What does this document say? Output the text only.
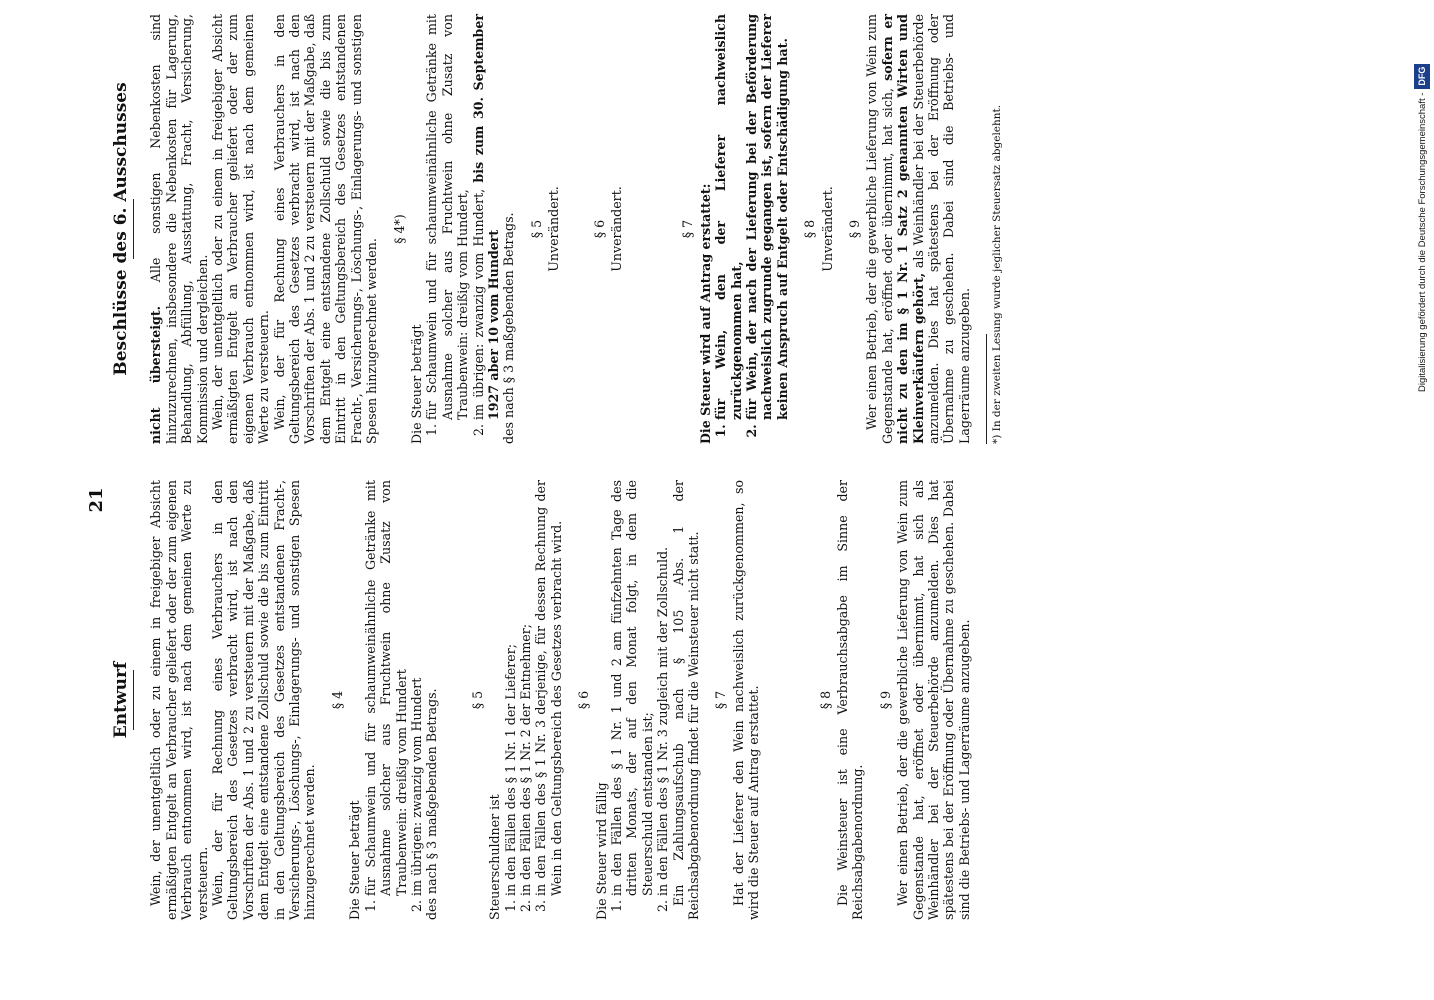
21
Entwurf Wein, der unentgeltlich oder zu einem in freigebiger Absicht ermäßigten Entgelt an Verbraucher geliefert oder der zum eigenen Verbrauch entnommen wird, ist nach dem gemeinen Werte zu versteuern. Wein, der für Rechnung eines Verbrauchers in den Geltungsbereich des Gesetzes verbracht wird, ist nach den Vorschriften der Abs. 1 und 2 zu versteuern mit der Maßgabe, daß dem Entgelt eine entstandene Zollschuld sowie die bis zum Eintritt in den Geltungsbereich des Gesetzes entstandenen Fracht-, Versicherungs-, Löschungs-, Einlagerungs- und sonstigen Spesen hinzugerechnet werden.

§ 4

Die Steuer beträgt 1. für Schaumwein und für schaumweinähnliche Getränke mit Ausnahme solcher aus Fruchtwein ohne Zusatz von Traubenwein: dreißig vom Hundert 2. im übrigen: zwanzig vom Hundert des nach § 3 maßgebenden Betrags. § 5

Steuerschuldner ist 1. in den Fällen des § 1 Nr. 1 der Lieferer; 2. in den Fällen des § 1 Nr. 2 der Entnehmer; 3. in den Fällen des § 1 Nr. 3 derjenige, für dessen Rechnung der Wein in den Geltungsbereich des Gesetzes verbracht wird. § 6

Die Steuer wird fällig 1. in den Fällen des § 1 Nr. 1 und 2 am fünfzehnten Tage des dritten Monats, der auf den Monat folgt, in dem die Steuerschuld entstanden ist; 2. in den Fällen des § 1 Nr. 3 zugleich mit der Zollschuld. Ein Zahlungsaufschub nach § 105 Abs. 1 der Reichsabgabenordnung findet für die Weinsteuer nicht statt. § 7 Hat der Lieferer den Wein nachweislich zurückgenommen, so wird die Steuer auf Antrag erstattet.	§ 8 Die Weinsteuer ist eine Verbrauchsabgabe im Sinne der Reichsabgabenordnung.

§ 9 Wer einen Betrieb, der die gewerbliche Lieferung von Wein zum Gegenstande hat, eröffnet oder übernimmt, hat sich als Weinhändler bei der Steuerbehörde anzumelden. Dies hat spätestens bei der Eröffnung oder Übernahme zu geschehen. Dabei sind die Betriebs- und Lagerräume anzugeben.

Beschlüsse des 6. Ausschusses nicht übersteigt. Alle sonstigen Nebenkosten sind hinzuzurechnen, insbesondere die Nebenkosten für Lagerung, Behandlung, Abfüllung, Ausstattung, Fracht, Versicherung, Kommission und dergleichen. Wein, der unentgeltlich oder zu einem in freigebiger Absicht ermäßigten Entgelt an Verbraucher geliefert oder der zum eigenen Verbrauch entnommen wird, ist nach dem gemeinen Werte zu versteuern. Wein, der für Rechnung eines Verbrauchers in den Geltungsbereich des Gesetzes verbracht wird, ist nach den Vorschriften der Abs. 1 und 2 zu versteuern mit der Maßgabe, daß dem Entgelt eine entstandene Zollschuld sowie die bis zum Eintritt in den Geltungsbereich des Gesetzes entstandenen Fracht-, Versicherungs-, Löschungs-, Einlagerungs- und sonstigen Spesen hinzugerechnet werden.

§ 4*)

Die Steuer beträgt 1. für Schaumwein und für schaumweinähnliche Getränke mit Ausnahme solcher aus Fruchtwein ohne Zusatz von Traubenwein: dreißig vom Hundert, 2. im übrigen: zwanzig vom Hundert, bis zum 30. September 1927 aber 10 vom Hundert des nach § 3 maßgebenden Betrags. § 5 Unverändert. § 6 Unverändert.	§ 7 Die Steuer wird auf Antrag erstattet: 1. für Wein, den der Lieferer nachweislich zurückgenommen hat, 2. für Wein, der nach der Lieferung bei der Beförderung nachweislich zugrunde gegangen ist, sofern der Lieferer keinen Anspruch auf Entgelt oder Entschädigung hat. § 8 Unverändert. § 9 Wer einen Betrieb, der die gewerbliche Lieferung von Wein zum Gegenstande hat, eröffnet oder übernimmt, hat sich, sofern er nicht zu den im § 1 Nr. 1 Satz 2 genannten Wirten und Kleinverkäufern gehört, als Weinhändler bei der Steuerbehörde anzumelden. Dies hat spätestens bei der Eröffnung oder Übernahme zu geschehen. Dabei sind die Betriebs- und Lagerräume anzugeben. *) In der zweiten Lesung wurde jeglicher Steuersatz abgelehnt.	Digitalisierung gefördert durch die Deutsche Forschungsgemeinschaft -DFG
